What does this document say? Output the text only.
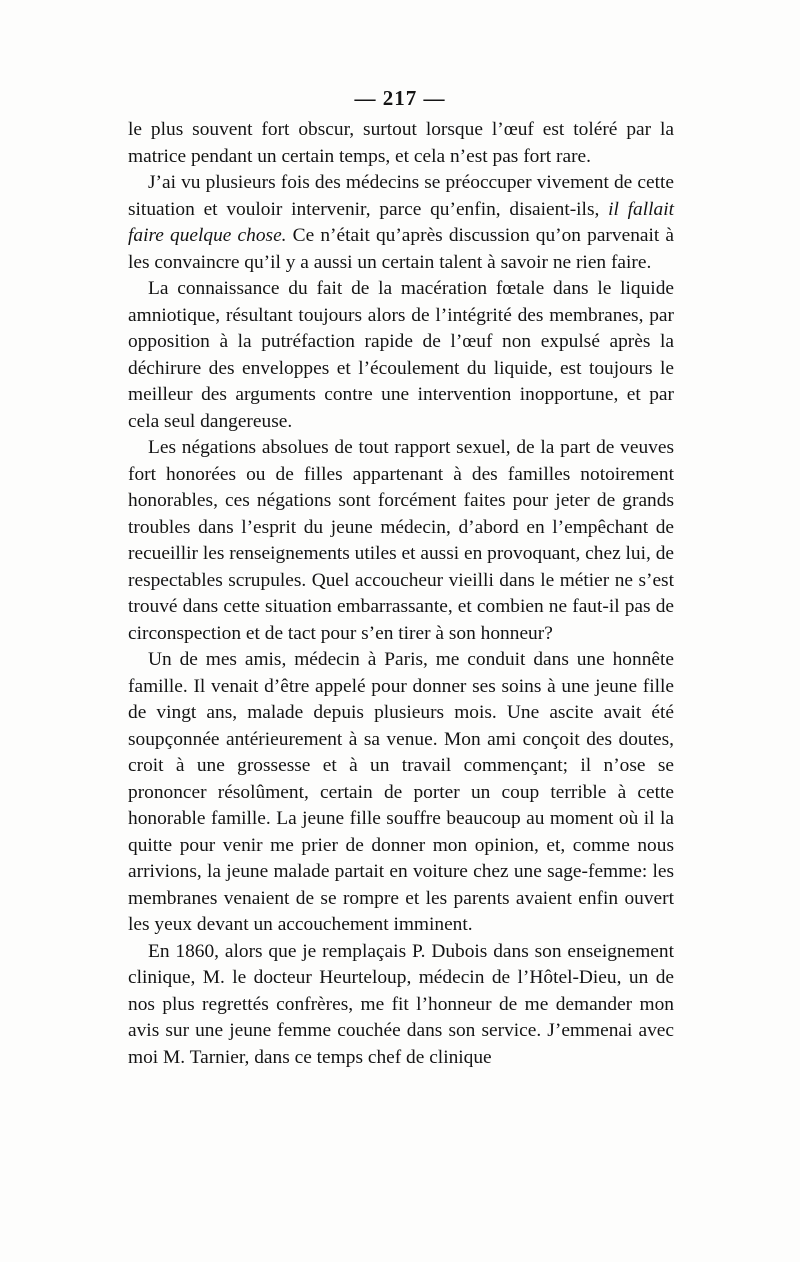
— 217 —

le plus souvent fort obscur, surtout lorsque l’œuf est toléré par la matrice pendant un certain temps, et cela n’est pas fort rare.

J’ai vu plusieurs fois des médecins se préoccuper vivement de cette situation et vouloir intervenir, parce qu’enfin, disaient-ils, il fallait faire quelque chose. Ce n’était qu’après discussion qu’on parvenait à les convaincre qu’il y a aussi un certain talent à savoir ne rien faire.

La connaissance du fait de la macération fœtale dans le liquide amniotique, résultant toujours alors de l’intégrité des membranes, par opposition à la putréfaction rapide de l’œuf non expulsé après la déchirure des enveloppes et l’écoulement du liquide, est toujours le meilleur des arguments contre une intervention inopportune, et par cela seul dangereuse.

Les négations absolues de tout rapport sexuel, de la part de veuves fort honorées ou de filles appartenant à des familles notoirement honorables, ces négations sont forcément faites pour jeter de grands troubles dans l’esprit du jeune médecin, d’abord en l’empêchant de recueillir les renseignements utiles et aussi en provoquant, chez lui, de respectables scrupules. Quel accoucheur vieilli dans le métier ne s’est trouvé dans cette situation embarrassante, et combien ne faut-il pas de circonspection et de tact pour s’en tirer à son honneur?

Un de mes amis, médecin à Paris, me conduit dans une honnête famille. Il venait d’être appelé pour donner ses soins à une jeune fille de vingt ans, malade depuis plusieurs mois. Une ascite avait été soupçonnée antérieurement à sa venue. Mon ami conçoit des doutes, croit à une grossesse et à un travail commençant; il n’ose se prononcer résolûment, certain de porter un coup terrible à cette honorable famille. La jeune fille souffre beaucoup au moment où il la quitte pour venir me prier de donner mon opinion, et, comme nous arrivions, la jeune malade partait en voiture chez une sage-femme: les membranes venaient de se rompre et les parents avaient enfin ouvert les yeux devant un accouchement imminent.

En 1860, alors que je remplaçais P. Dubois dans son enseignement clinique, M. le docteur Heurteloup, médecin de l’Hôtel-Dieu, un de nos plus regrettés confrères, me fit l’honneur de me demander mon avis sur une jeune femme couchée dans son service. J’emmenai avec moi M. Tarnier, dans ce temps chef de clinique
